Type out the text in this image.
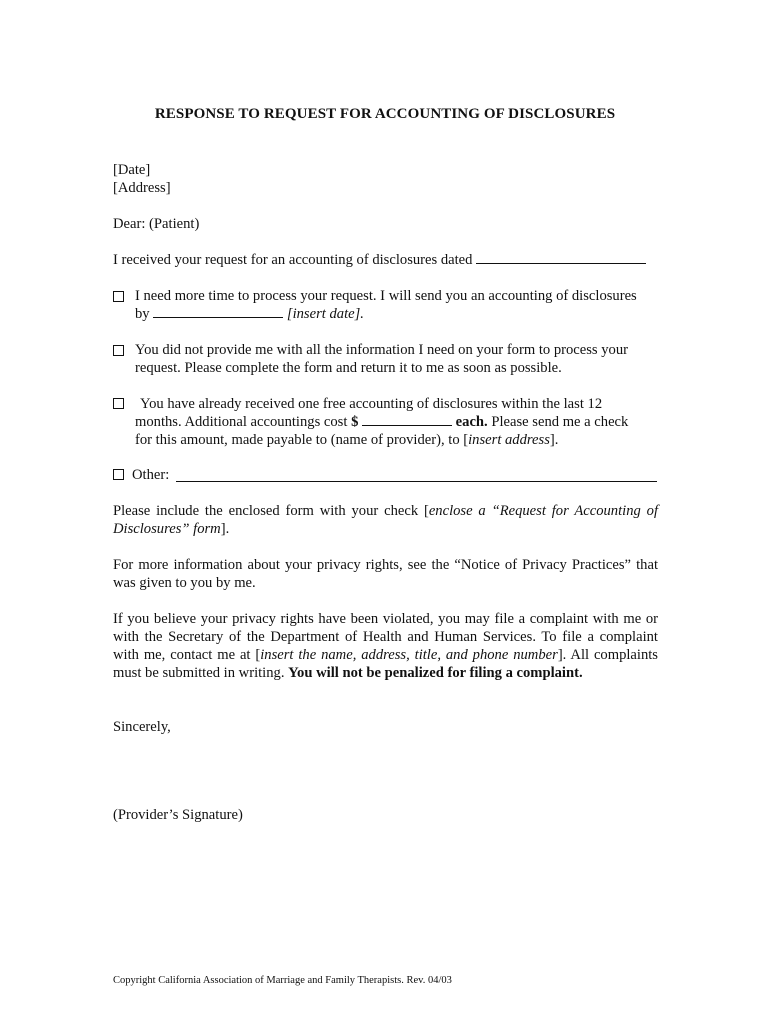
RESPONSE TO REQUEST FOR ACCOUNTING OF DISCLOSURES
[Date]
[Address]
Dear: (Patient)
I received your request for an accounting of disclosures dated
I need more time to process your request. I will send you an accounting of disclosures
by	[insert date].
You did not provide me with all the information I need on your form to process your
request. Please complete the form and return it to me as soon as possible.
You have already received one free accounting of disclosures within the last 12
months. Additional accountings cost $	each. Please send me a check
for this amount, made payable to (name of provider), to [insert address].
Other:
Please include the enclosed form with your check [enclose a “Request for Accounting of Disclosures” form].
For more information about your privacy rights, see the “Notice of Privacy Practices” that was given to you by me.
If you believe your privacy rights have been violated, you may file a complaint with me or with the Secretary of the Department of Health and Human Services. To file a complaint with me, contact me at [insert the name, address, title, and phone number]. All complaints must be submitted in writing. You will not be penalized for filing a complaint.
Sincerely,
(Provider’s Signature)
Copyright California Association of Marriage and Family Therapists. Rev. 04/03
